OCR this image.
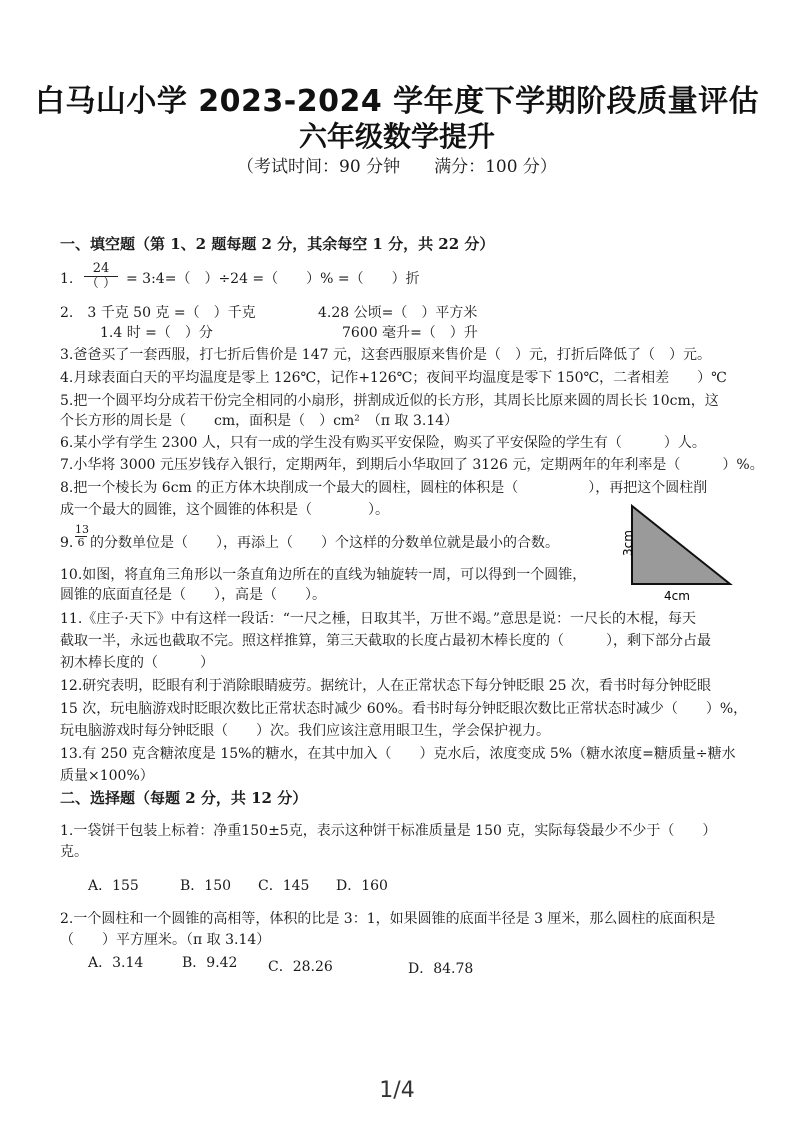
白马山小学 2023-2024 学年度下学期阶段质量评估
六年级数学提升
（考试时间：90 分钟　　满分：100 分）
一、填空题（第 1、2 题每题 2 分，其余每空 1 分，共 22 分）
1.
24
（ ） = 3:4=（　）÷24 =（　　）% =（　　）折
2.　3 千克 50 克 =（　）千克	4.28 公顷=（　）平方米
1.4 时 =（　）分	7600 毫升=（　）升
3.爸爸买了一套西服，打七折后售价是 147 元，这套西服原来售价是（　）元，打折后降低了（　）元。
4.月球表面白天的平均温度是零上 126℃，记作+126℃；夜间平均温度是零下 150℃，二者相差　　）℃
5.把一个圆平均分成若干份完全相同的小扇形，拼割成近似的长方形，其周长比原来圆的周长长 10cm，这
个长方形的周长是（　　cm，面积是（　）cm²　（π 取 3.14）
6.某小学有学生 2300 人，只有一成的学生没有购买平安保险，购买了平安保险的学生有（　　　）人。
7.小华将 3000 元压岁钱存入银行，定期两年，到期后小华取回了 3126 元，定期两年的年利率是（　　　）%。
8.把一个棱长为 6cm 的正方体木块削成一个最大的圆柱，圆柱的体积是（　　　　　），再把这个圆柱削
成一个最大的圆锥，这个圆锥的体积是（　　　　）。
9. $\frac{13}{6}$ 的分数单位是（　　），再添上（　　）个这样的分数单位就是最小的合数。
10.如图，将直角三角形以一条直角边所在的直线为轴旋转一周，可以得到一个圆锥，
圆锥的底面直径是（　　），高是（　　）。
3cm
4cm
11.《庄子·天下》中有这样一段话：“一尺之棰，日取其半，万世不竭。”意思是说：一尺长的木棍，每天
截取一半，永远也截取不完。照这样推算，第三天截取的长度占最初木棒长度的（　　　），剩下部分占最
初木棒长度的（　　　）
12.研究表明，眨眼有利于消除眼睛疲劳。据统计，人在正常状态下每分钟眨眼 25 次，看书时每分钟眨眼
15 次，玩电脑游戏时眨眼次数比正常状态时减少 60%。看书时每分钟眨眼次数比正常状态时减少（　　）%，
玩电脑游戏时每分钟眨眼（　　）次。我们应该注意用眼卫生，学会保护视力。
13.有 250 克含糖浓度是 15%的糖水，在其中加入（　　）克水后，浓度变成 5%（糖水浓度=糖质量÷糖水
质量×100%）
二、选择题（每题 2 分，共 12 分）
1.一袋饼干包装上标着：净重150±5克，表示这种饼干标准质量是 150 克，实际每袋最少不少于（　　）
克。
A．155	B．150 C．145 D．160
2.一个圆柱和一个圆锥的高相等，体积的比是 3：1，如果圆锥的底面半径是 3 厘米，那么圆柱的底面积是
（　　）平方厘米。（π 取 3.14）
A．3.14	B．9.42 C．28.26	D．84.78
1/4
